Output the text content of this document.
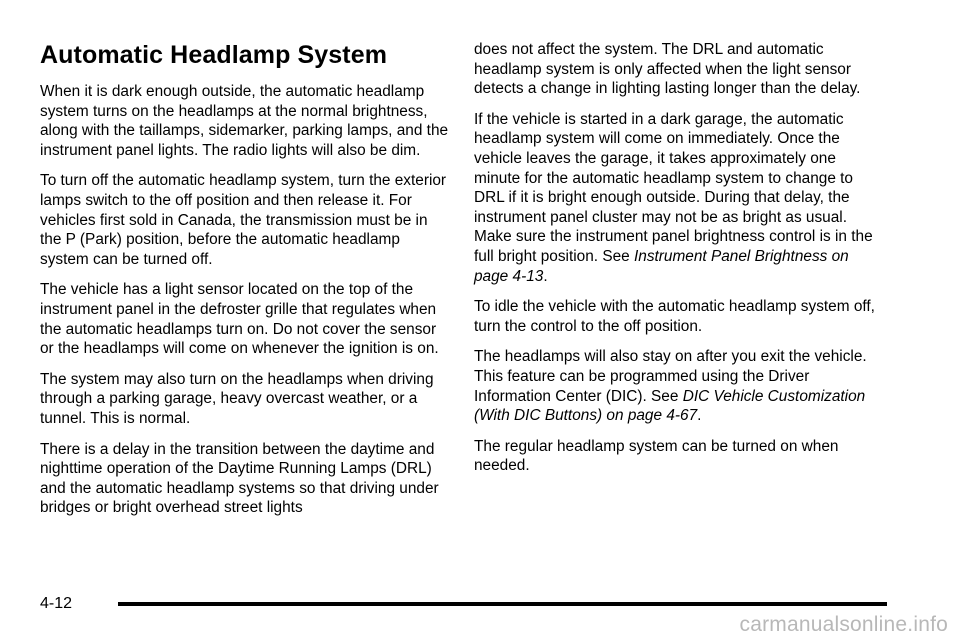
Automatic Headlamp System

When it is dark enough outside, the automatic headlamp system turns on the headlamps at the normal brightness, along with the taillamps, sidemarker, parking lamps, and the instrument panel lights. The radio lights will also be dim.

To turn off the automatic headlamp system, turn the exterior lamps switch to the off position and then release it. For vehicles first sold in Canada, the transmission must be in the P (Park) position, before the automatic headlamp system can be turned off.

The vehicle has a light sensor located on the top of the instrument panel in the defroster grille that regulates when the automatic headlamps turn on. Do not cover the sensor or the headlamps will come on whenever the ignition is on.

The system may also turn on the headlamps when driving through a parking garage, heavy overcast weather, or a tunnel. This is normal.

There is a delay in the transition between the daytime and nighttime operation of the Daytime Running Lamps (DRL) and the automatic headlamp systems so that driving under bridges or bright overhead street lights

does not affect the system. The DRL and automatic headlamp system is only affected when the light sensor detects a change in lighting lasting longer than the delay.

If the vehicle is started in a dark garage, the automatic headlamp system will come on immediately. Once the vehicle leaves the garage, it takes approximately one minute for the automatic headlamp system to change to DRL if it is bright enough outside. During that delay, the instrument panel cluster may not be as bright as usual. Make sure the instrument panel brightness control is in the full bright position. See Instrument Panel Brightness on page 4-13.

To idle the vehicle with the automatic headlamp system off, turn the control to the off position.

The headlamps will also stay on after you exit the vehicle. This feature can be programmed using the Driver Information Center (DIC). See DIC Vehicle Customization (With DIC Buttons) on page 4-67.

The regular headlamp system can be turned on when needed.

4-12
carmanualsonline.info
